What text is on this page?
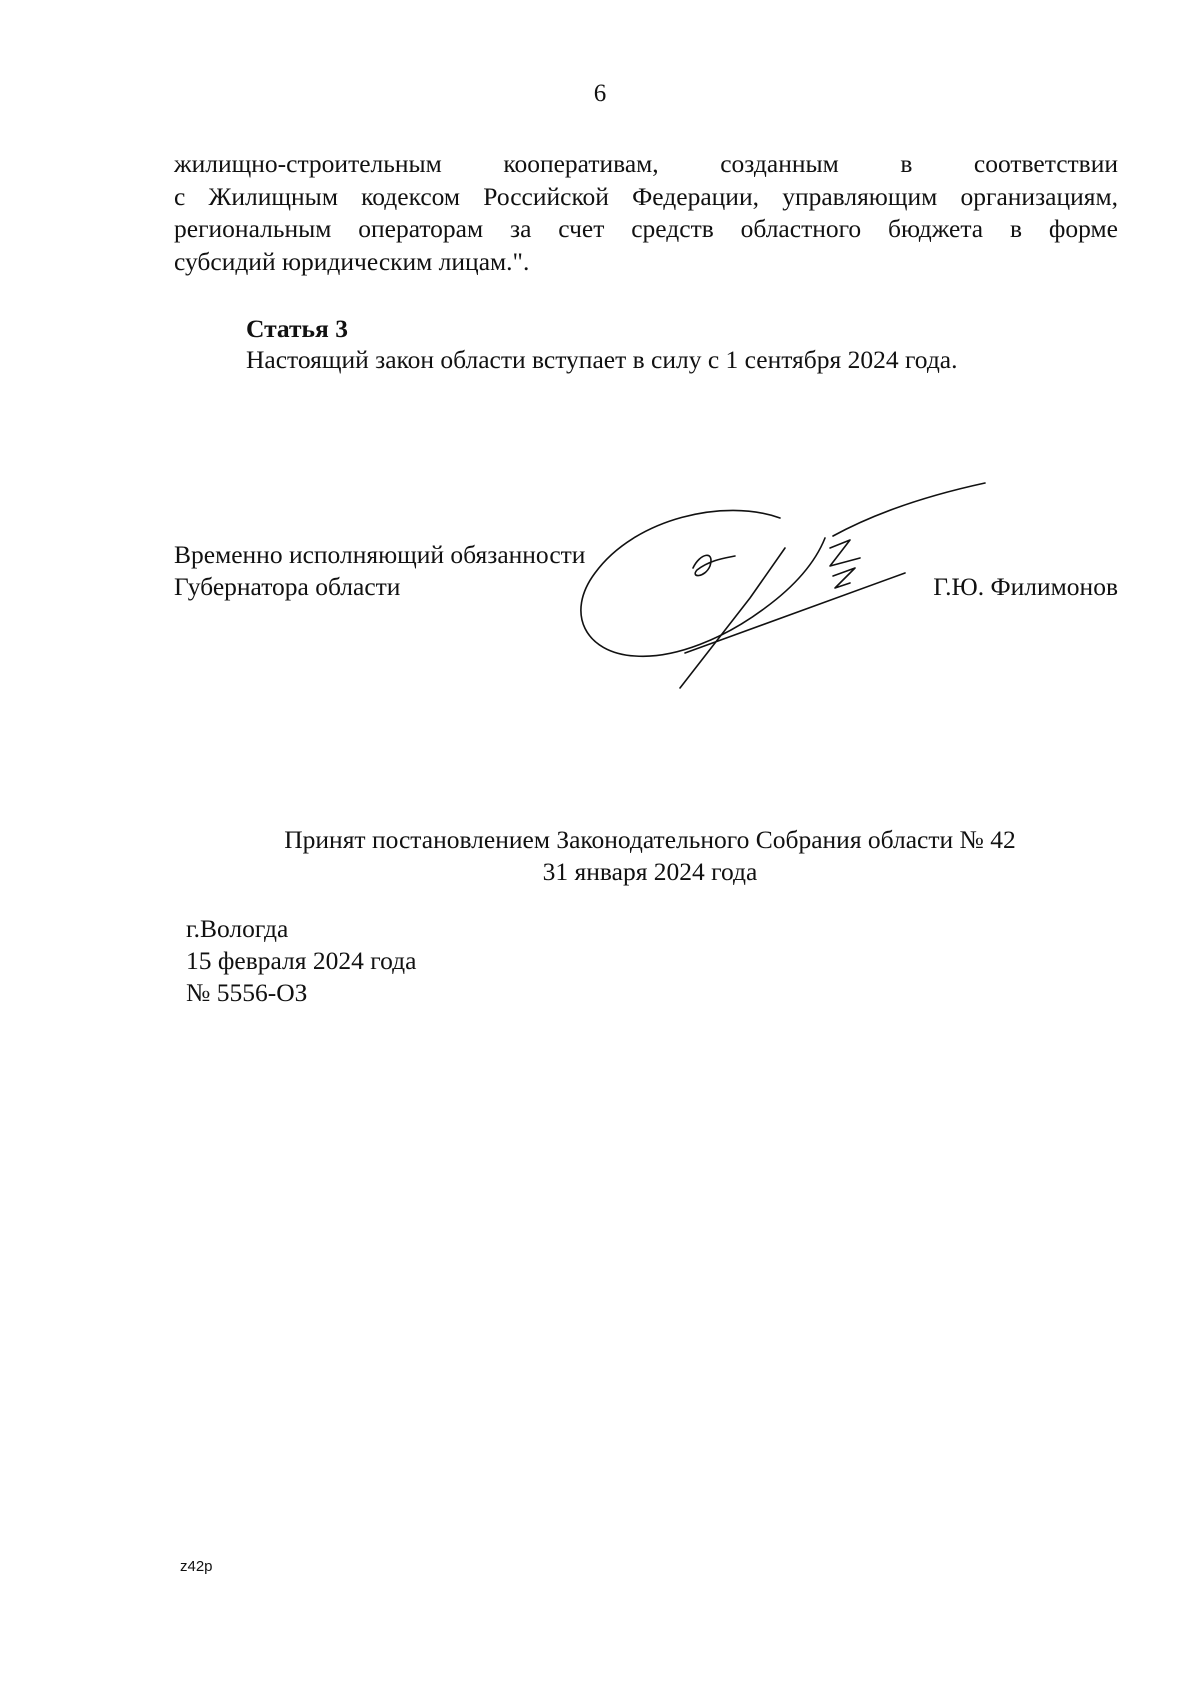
6
жилищно-строительным кооперативам, созданным в соответствии
с Жилищным кодексом Российской Федерации, управляющим организациям,
региональным операторам за счет средств областного бюджета в форме
субсидий юридическим лицам.".
Статья 3
Настоящий закон области вступает в силу с 1 сентября 2024 года.
Временно исполняющий обязанности
Губернатора области	Г.Ю. Филимонов
Принят постановлением Законодательного Собрания области № 42
31 января 2024 года
г.Вологда
15 февраля 2024 года
№ 5556-ОЗ
z42p
